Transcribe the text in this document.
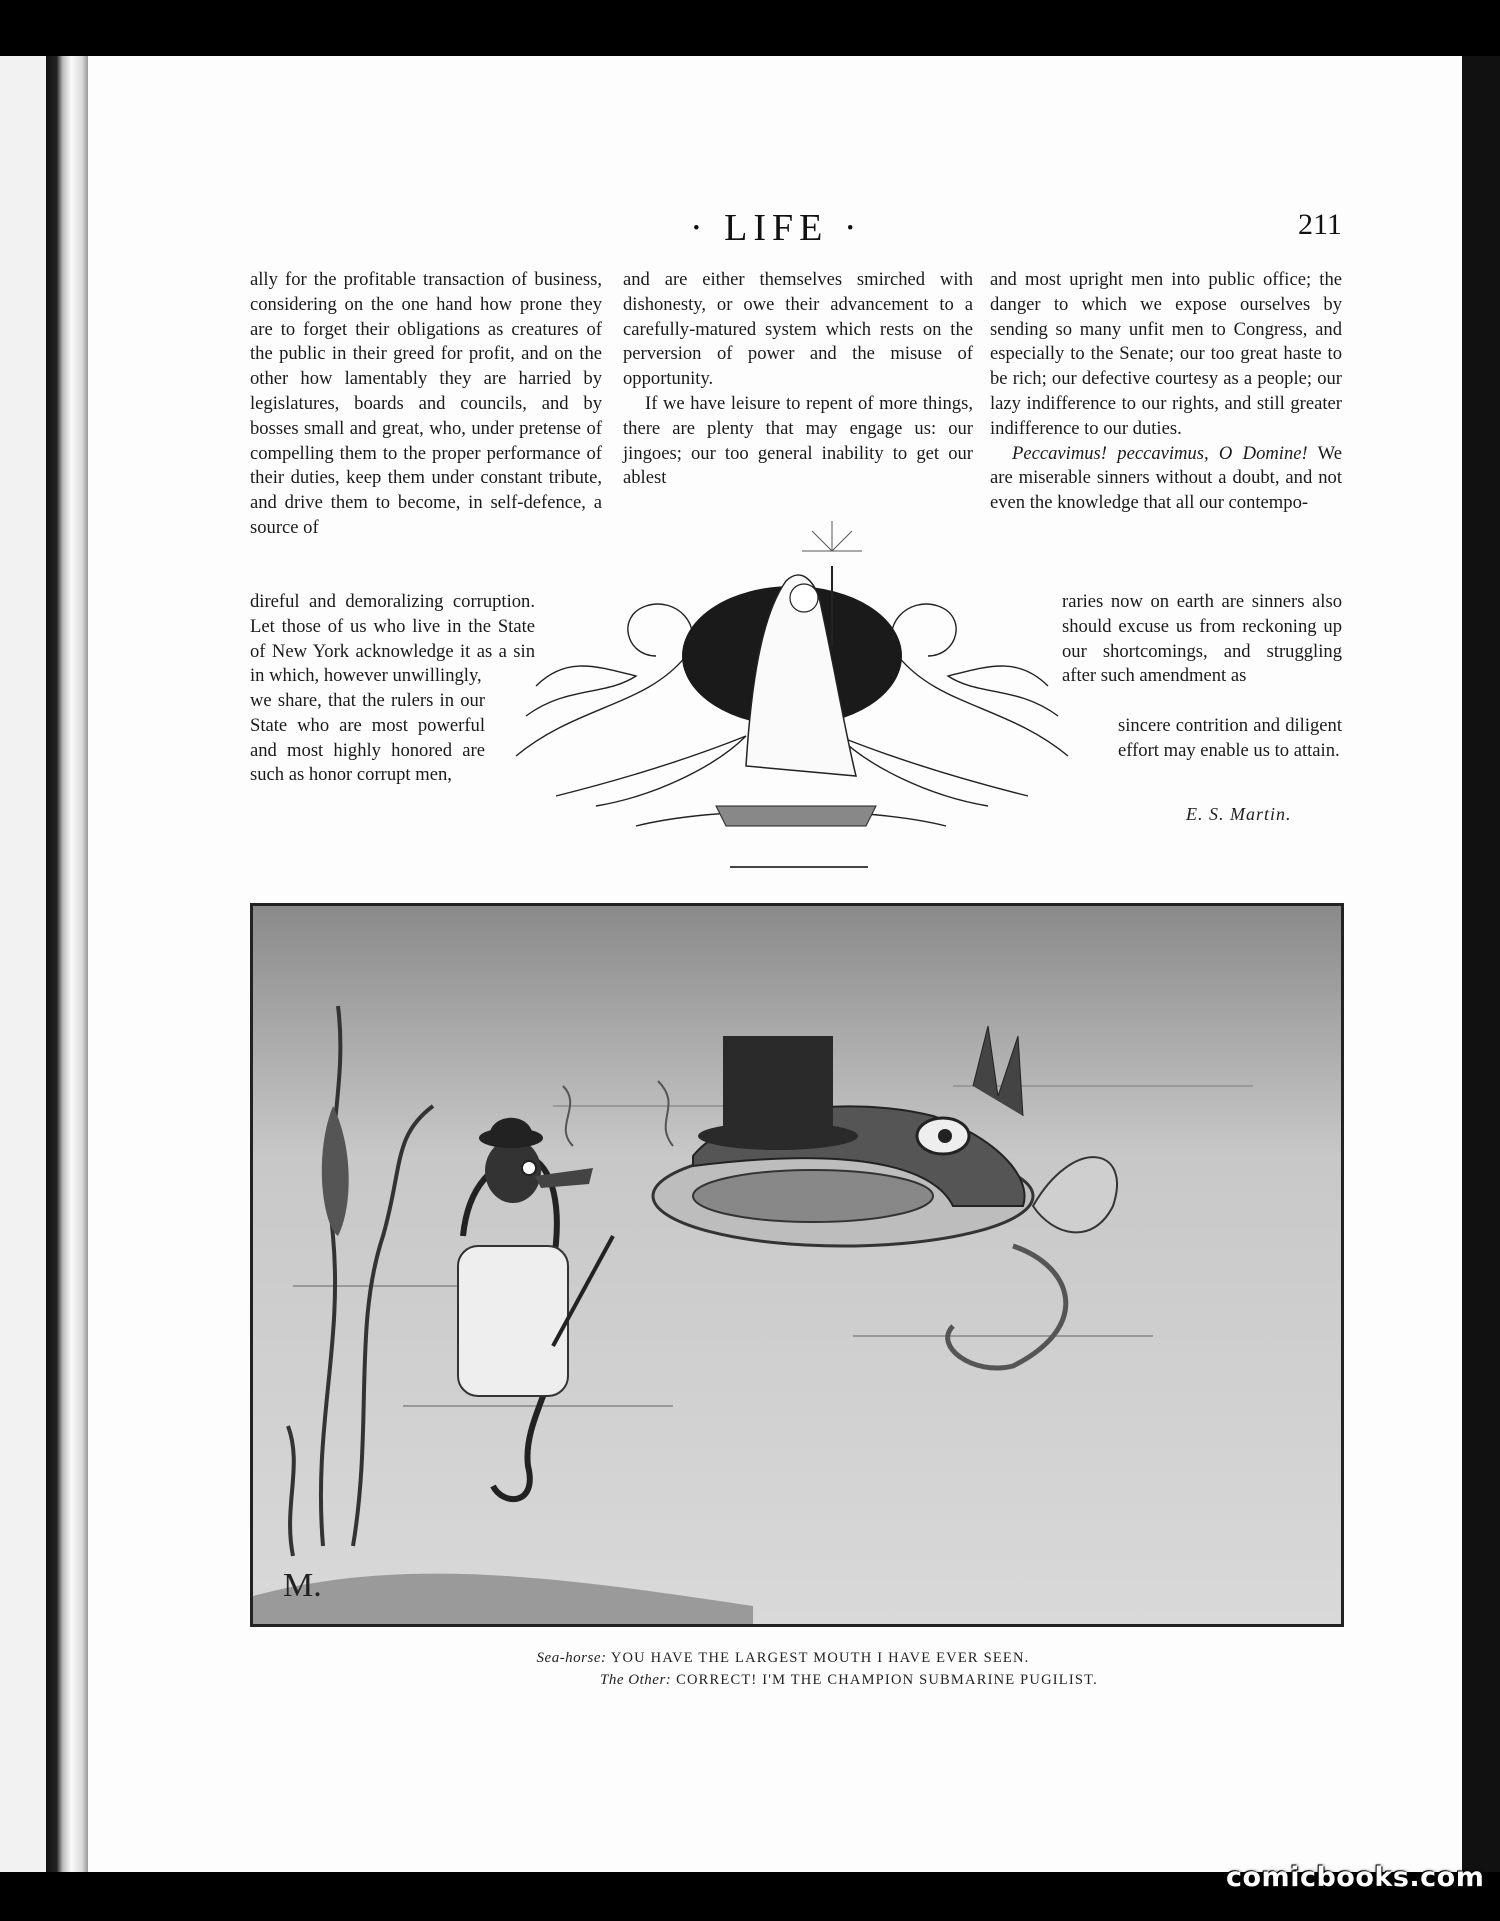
· LIFE ·	211

ally for the profitable transaction of business, considering on the one hand how prone they are to forget their obligations as creatures of the public in their greed for profit, and on the other how lamentably they are harried by legislatures, boards and councils, and by bosses small and great, who, under pretense of compelling them to the proper performance of their duties, keep them under constant tribute, and drive them to become, in self-defence, a source of

direful and demoralizing corruption. Let those of us who live in the State of New York acknowledge it as a sin in which, however unwillingly,

we share, that the rulers in our State who are most powerful and most highly honored are such as honor corrupt men,

and are either themselves smirched with dishonesty, or owe their advancement to a carefully-matured system which rests on the perversion of power and the misuse of opportunity.

If we have leisure to repent of more things, there are plenty that may engage us: our jingoes; our too general inability to get our ablest

and most upright men into public office; the danger to which we expose ourselves by sending so many unfit men to Congress, and especially to the Senate; our too great haste to be rich; our defective courtesy as a people; our lazy indifference to our rights, and still greater indifference to our duties.

Peccavimus! peccavimus, O Domine! We are miserable sinners without a doubt, and not even the knowledge that all our contempo-

raries now on earth are sinners also should excuse us from reckoning up our shortcomings, and struggling after such amendment as

sincere contrition and diligent effort may enable us to attain.

E. S. Martin.
M.
Sea-horse: YOU HAVE THE LARGEST MOUTH I HAVE EVER SEEN.
The Other: CORRECT! I'M THE CHAMPION SUBMARINE PUGILIST.
comicbooks.com
